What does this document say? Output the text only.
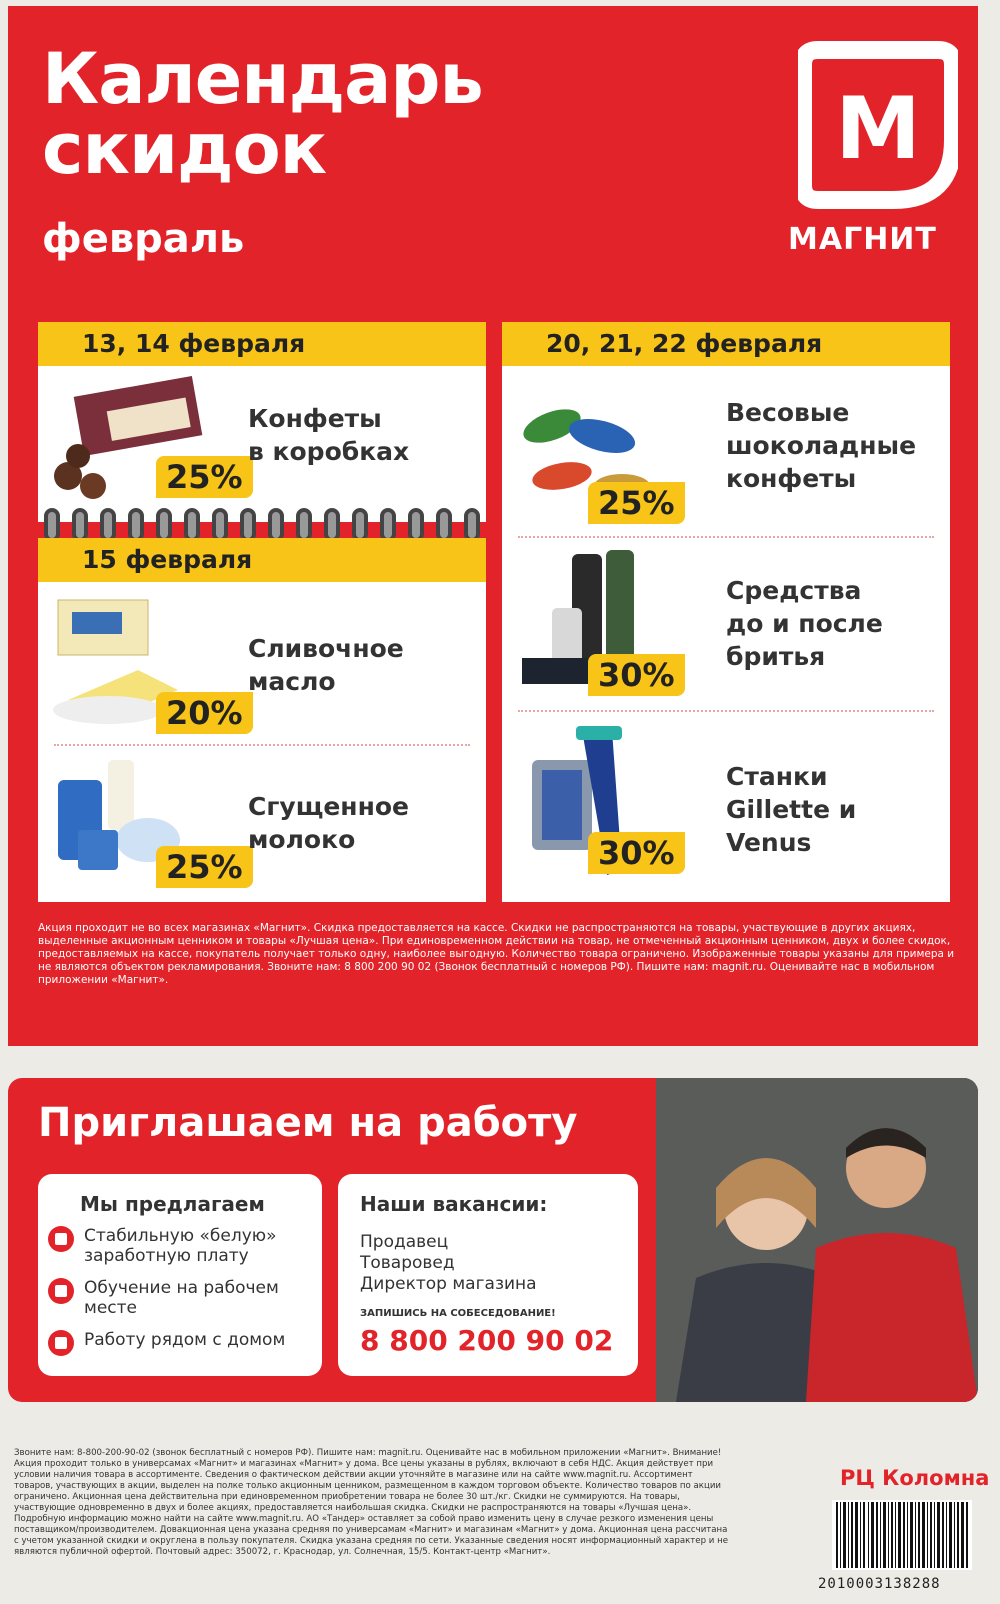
Календарь
скидок
февраль
М
МАГНИТ
13, 14 февраля
25%
Конфеты
в коробках
15 февраля
20%
Сливочное
масло
25%
Сгущенное
молоко
20, 21, 22 февраля
25%
Весовые
шоколадные
конфеты
30%
Средства
до и после
бритья
30%
Станки
Gillette и Venus
Акция проходит не во всех магазинах «Магнит». Скидка предоставляется на кассе. Скидки не распространяются на товары, участвующие в других акциях, выделенные акционным ценником и товары «Лучшая цена». При единовременном действии на товар, не отмеченный акционным ценником, двух и более скидок, предоставляемых на кассе, покупатель получает только одну, наиболее выгодную. Количество товара ограничено. Изображенные товары указаны для примера и не являются объектом рекламирования. Звоните нам: 8 800 200 90 02 (Звонок бесплатный с номеров РФ). Пишите нам: magnit.ru. Оценивайте нас в мобильном приложении «Магнит».
Приглашаем на работу
Мы предлагаем
Стабильную «белую» заработную плату
Обучение на рабочем месте
Работу рядом с домом
Наши вакансии:
Продавец
Товаровед
Директор магазина
ЗАПИШИСЬ НА СОБЕСЕДОВАНИЕ!
8 800 200 90 02
Звоните нам: 8-800-200-90-02 (звонок бесплатный с номеров РФ). Пишите нам: magnit.ru. Оценивайте нас в мобильном приложении «Магнит». Внимание! Акция проходит только в универсамах «Магнит» и магазинах «Магнит» у дома. Все цены указаны в рублях, включают в себя НДС. Акция действует при условии наличия товара в ассортименте. Сведения о фактическом действии акции уточняйте в магазине или на сайте www.magnit.ru. Ассортимент товаров, участвующих в акции, выделен на полке только акционным ценником, размещенном в каждом торговом объекте. Количество товаров по акции ограничено. Акционная цена действительна при единовременном приобретении товара не более 30 шт./кг. Скидки не суммируются. На товары, участвующие одновременно в двух и более акциях, предоставляется наибольшая скидка. Скидки не распространяются на товары «Лучшая цена». Подробную информацию можно найти на сайте www.magnit.ru. АО «Тандер» оставляет за собой право изменить цену в случае резкого изменения цены поставщиком/производителем. Довакционная цена указана средняя по универсамам «Магнит» и магазинам «Магнит» у дома. Акционная цена рассчитана с учетом указанной скидки и округлена в пользу покупателя. Скидка указана средняя по сети. Указанные сведения носят информационный характер и не являются публичной офертой. Почтовый адрес: 350072, г. Краснодар, ул. Солнечная, 15/5. Контакт-центр «Магнит».
РЦ Коломна
2010003138288
